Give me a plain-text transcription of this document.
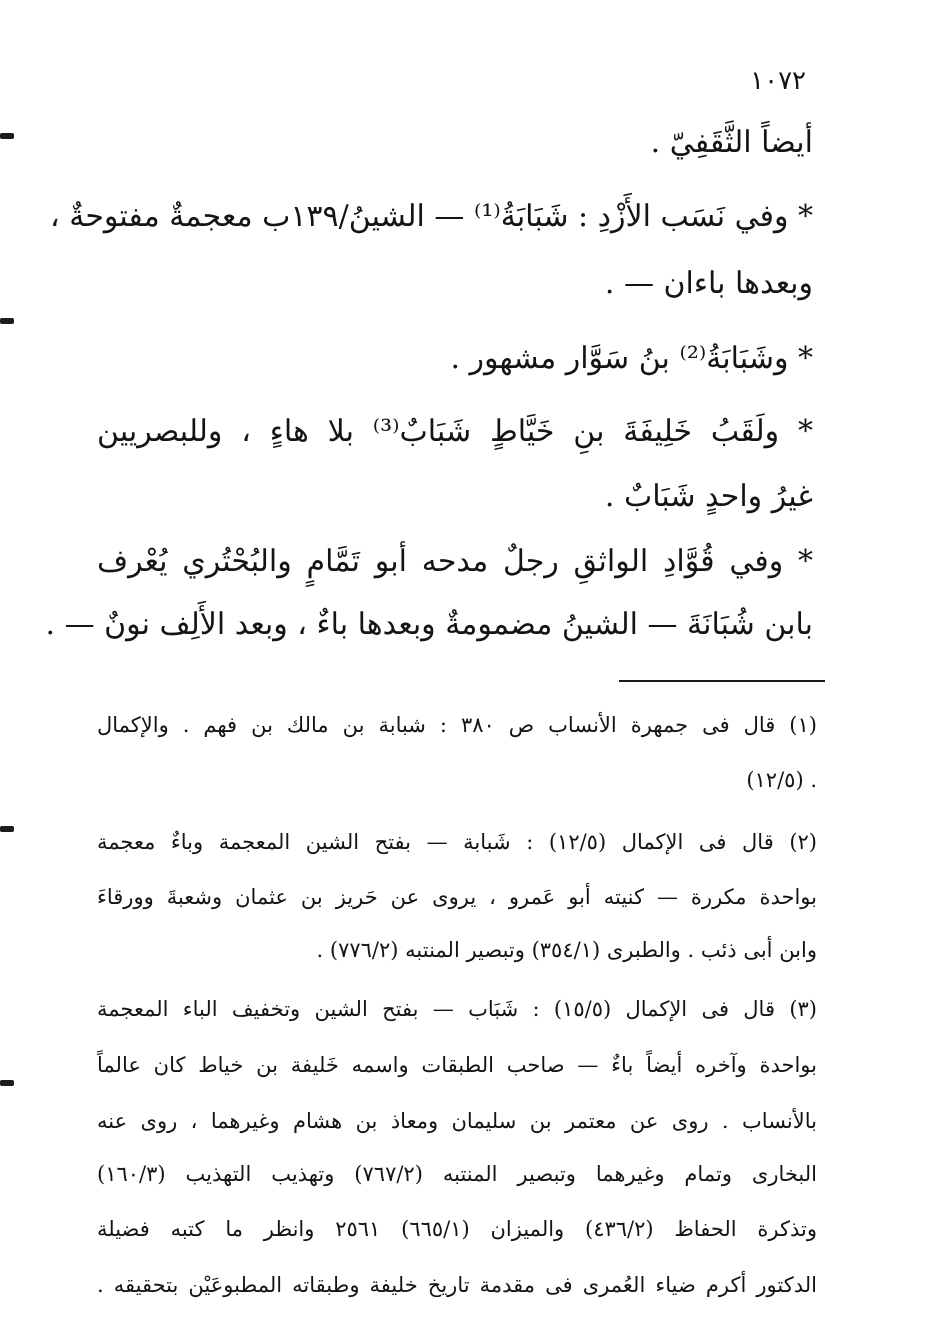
١٠٧٢
أيضاً الثَّقَفِيّ .
* وفي نَسَب الأَزْدِ : شَبَابَةُ⁽¹⁾ — الشينُ/١٣٩ب معجمةٌ مفتوحةٌ ،
وبعدها باءان — .
* وشَبَابَةُ⁽²⁾ بنُ سَوَّار مشهور .
* ولَقَبُ خَلِيفَةَ بنِ خَيَّاطٍ شَبَابٌ⁽³⁾ بلا هاءٍ ، وللبصريين
غيرُ واحدٍ شَبَابٌ .
* وفي قُوَّادِ الواثقِ رجلٌ مدحه أبو تَمَّامٍ والبُحْتُري يُعْرف
بابن شُبَانَةَ — الشينُ مضمومةٌ وبعدها باءٌ ، وبعد الأَلِف نونٌ — .
(١) قال فى جمهرة الأنساب ص ٣٨٠ : شبابة بن مالك بن فهم . والإكمال
(١٢/٥) .
(٢) قال فى الإكمال (١٢/٥) : شَبابة — بفتح الشين المعجمة وباءٌ معجمة
بواحدة مكررة — كنيته أبو عَمرو ، يروى عن حَريز بن عثمان وشعبةَ وورقاءَ
وابن أبى ذئب . والطبرى (٣٥٤/١) وتبصير المنتبه (٧٧٦/٢) .
(٣) قال فى الإكمال (١٥/٥) : شَبَاب — بفتح الشين وتخفيف الباء المعجمة
بواحدة وآخره أيضاً باءٌ — صاحب الطبقات واسمه خَليفة بن خياط كان عالماً
بالأنساب . روى عن معتمر بن سليمان ومعاذ بن هشام وغيرهما ، روى عنه
البخارى وتمام وغيرهما وتبصير المنتبه (٧٦٧/٢) وتهذيب التهذيب (١٦٠/٣)
وتذكرة الحفاظ (٤٣٦/٢) والميزان (٦٦٥/١) ٢٥٦١ وانظر ما كتبه فضيلة
الدكتور أكرم ضياء العُمرى فى مقدمة تاريخ خليفة وطبقاته المطبوعَيْن بتحقيقه .
